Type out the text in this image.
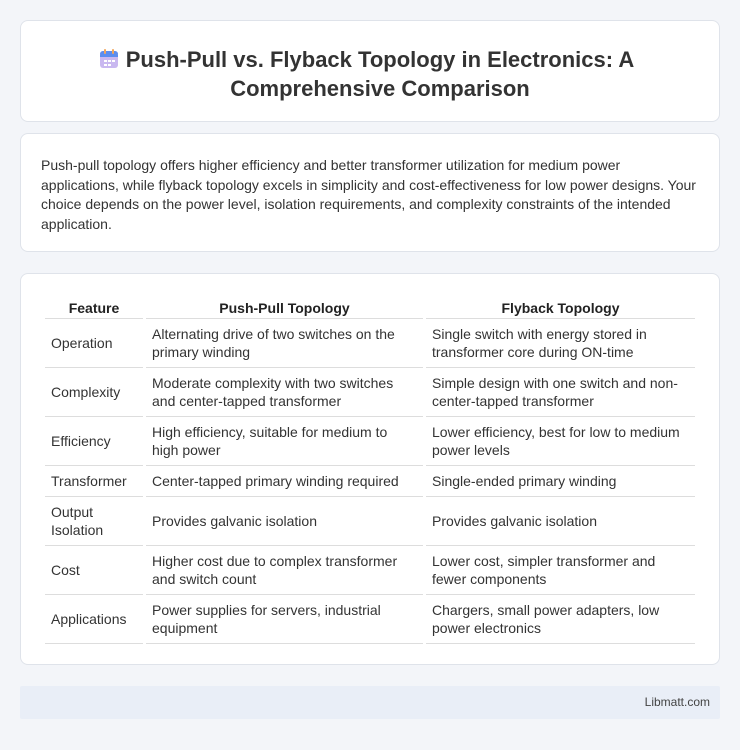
Push-Pull vs. Flyback Topology in Electronics: A Comprehensive Comparison

Push-pull topology offers higher efficiency and better transformer utilization for medium power applications, while flyback topology excels in simplicity and cost-effectiveness for low power designs. Your choice depends on the power level, isolation requirements, and complexity constraints of the intended application.

Feature	Push-Pull Topology	Flyback Topology
Operation	Alternating drive of two switches on the primary winding	Single switch with energy stored in transformer core during ON-time
Complexity	Moderate complexity with two switches and center-tapped transformer	Simple design with one switch and non-center-tapped transformer
Efficiency	High efficiency, suitable for medium to high power	Lower efficiency, best for low to medium power levels
Transformer	Center-tapped primary winding required	Single-ended primary winding
Output Isolation	Provides galvanic isolation	Provides galvanic isolation
Cost	Higher cost due to complex transformer and switch count	Lower cost, simpler transformer and fewer components
Applications	Power supplies for servers, industrial equipment	Chargers, small power adapters, low power electronics
Libmatt.com
